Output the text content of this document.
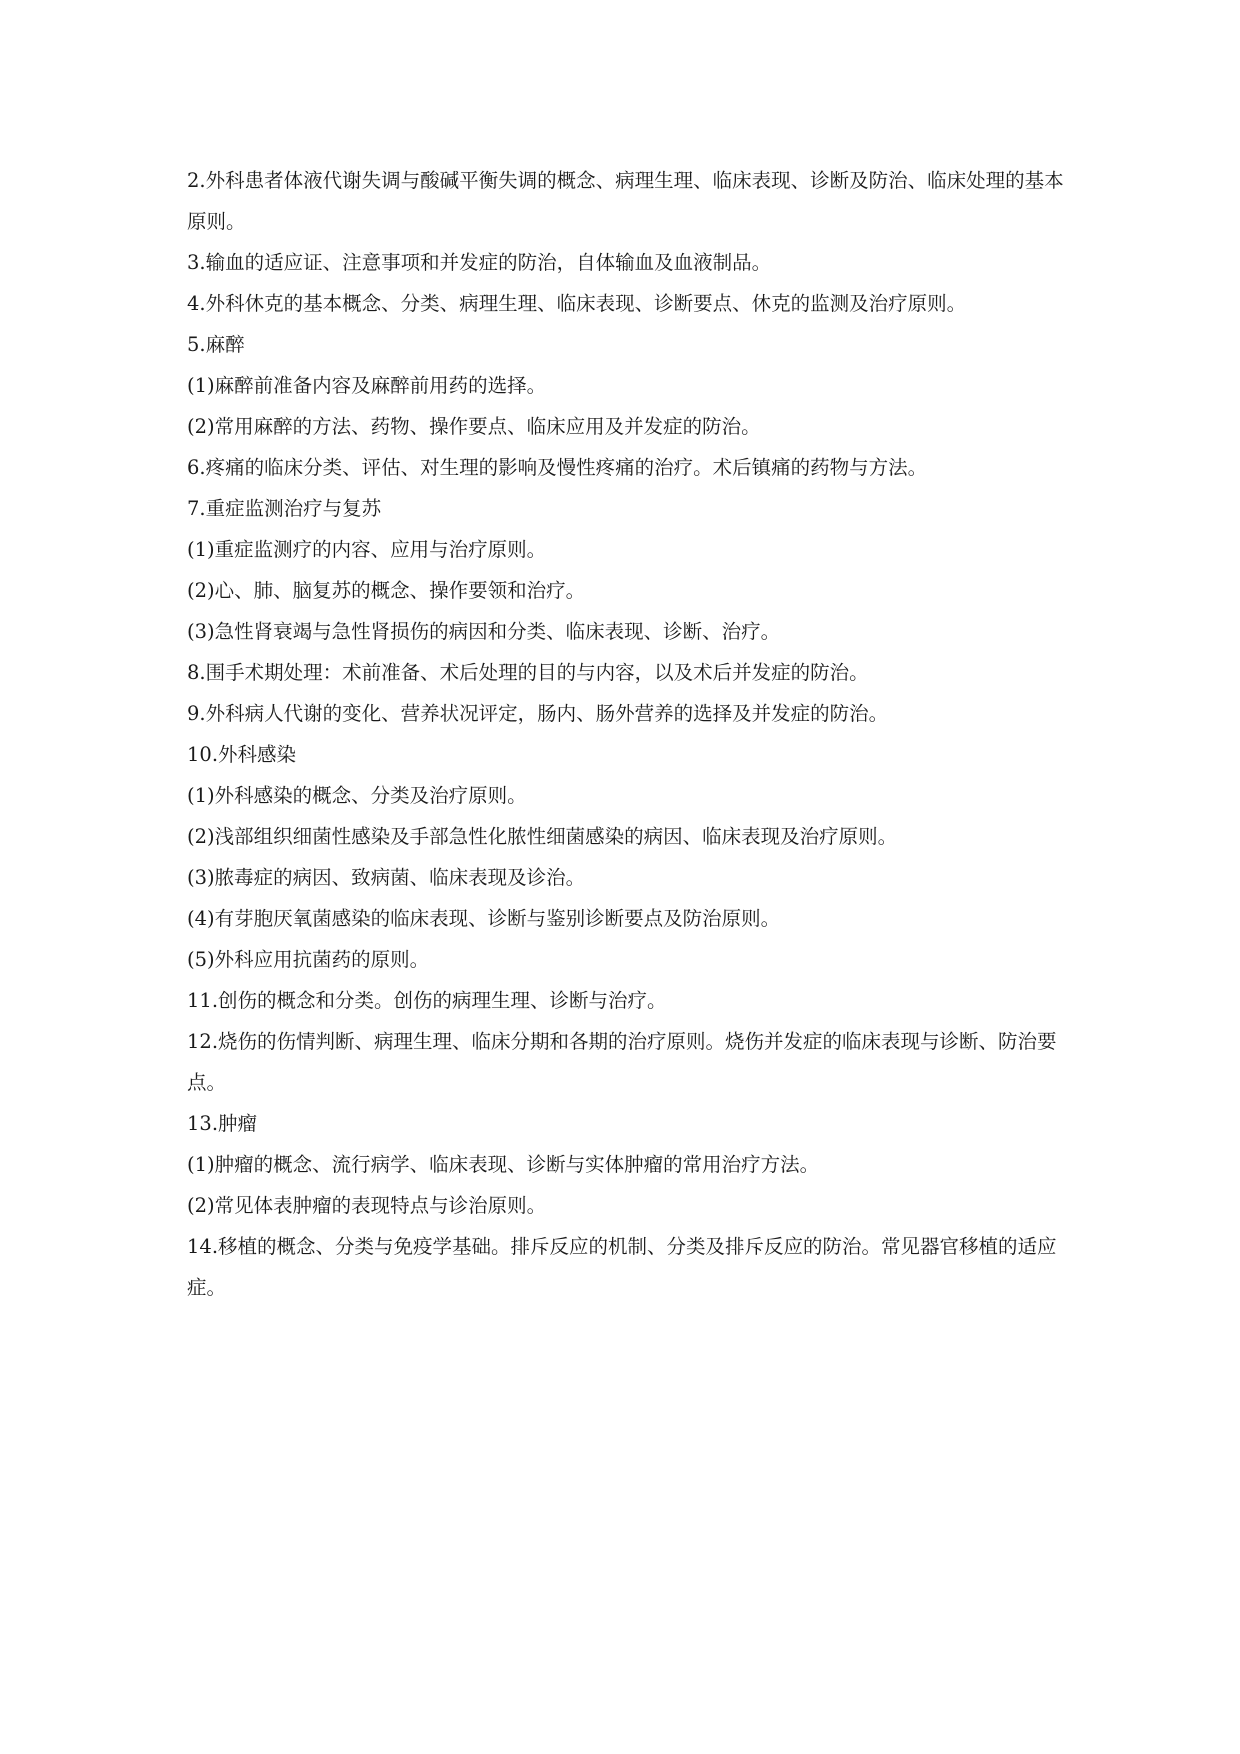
2.外科患者体液代谢失调与酸碱平衡失调的概念、病理生理、临床表现、诊断及防治、临床处理的基本原则。
3.输血的适应证、注意事项和并发症的防治，自体输血及血液制品。
4.外科休克的基本概念、分类、病理生理、临床表现、诊断要点、休克的监测及治疗原则。
5.麻醉
(1)麻醉前准备内容及麻醉前用药的选择。
(2)常用麻醉的方法、药物、操作要点、临床应用及并发症的防治。
6.疼痛的临床分类、评估、对生理的影响及慢性疼痛的治疗。术后镇痛的药物与方法。
7.重症监测治疗与复苏
(1)重症监测疗的内容、应用与治疗原则。
(2)心、肺、脑复苏的概念、操作要领和治疗。
(3)急性肾衰竭与急性肾损伤的病因和分类、临床表现、诊断、治疗。
8.围手术期处理：术前准备、术后处理的目的与内容，以及术后并发症的防治。
9.外科病人代谢的变化、营养状况评定，肠内、肠外营养的选择及并发症的防治。
10.外科感染
(1)外科感染的概念、分类及治疗原则。
(2)浅部组织细菌性感染及手部急性化脓性细菌感染的病因、临床表现及治疗原则。
(3)脓毒症的病因、致病菌、临床表现及诊治。
(4)有芽胞厌氧菌感染的临床表现、诊断与鉴别诊断要点及防治原则。
(5)外科应用抗菌药的原则。
11.创伤的概念和分类。创伤的病理生理、诊断与治疗。
12.烧伤的伤情判断、病理生理、临床分期和各期的治疗原则。烧伤并发症的临床表现与诊断、防治要点。
13.肿瘤
(1)肿瘤的概念、流行病学、临床表现、诊断与实体肿瘤的常用治疗方法。
(2)常见体表肿瘤的表现特点与诊治原则。
14.移植的概念、分类与免疫学基础。排斥反应的机制、分类及排斥反应的防治。常见器官移植的适应症。
